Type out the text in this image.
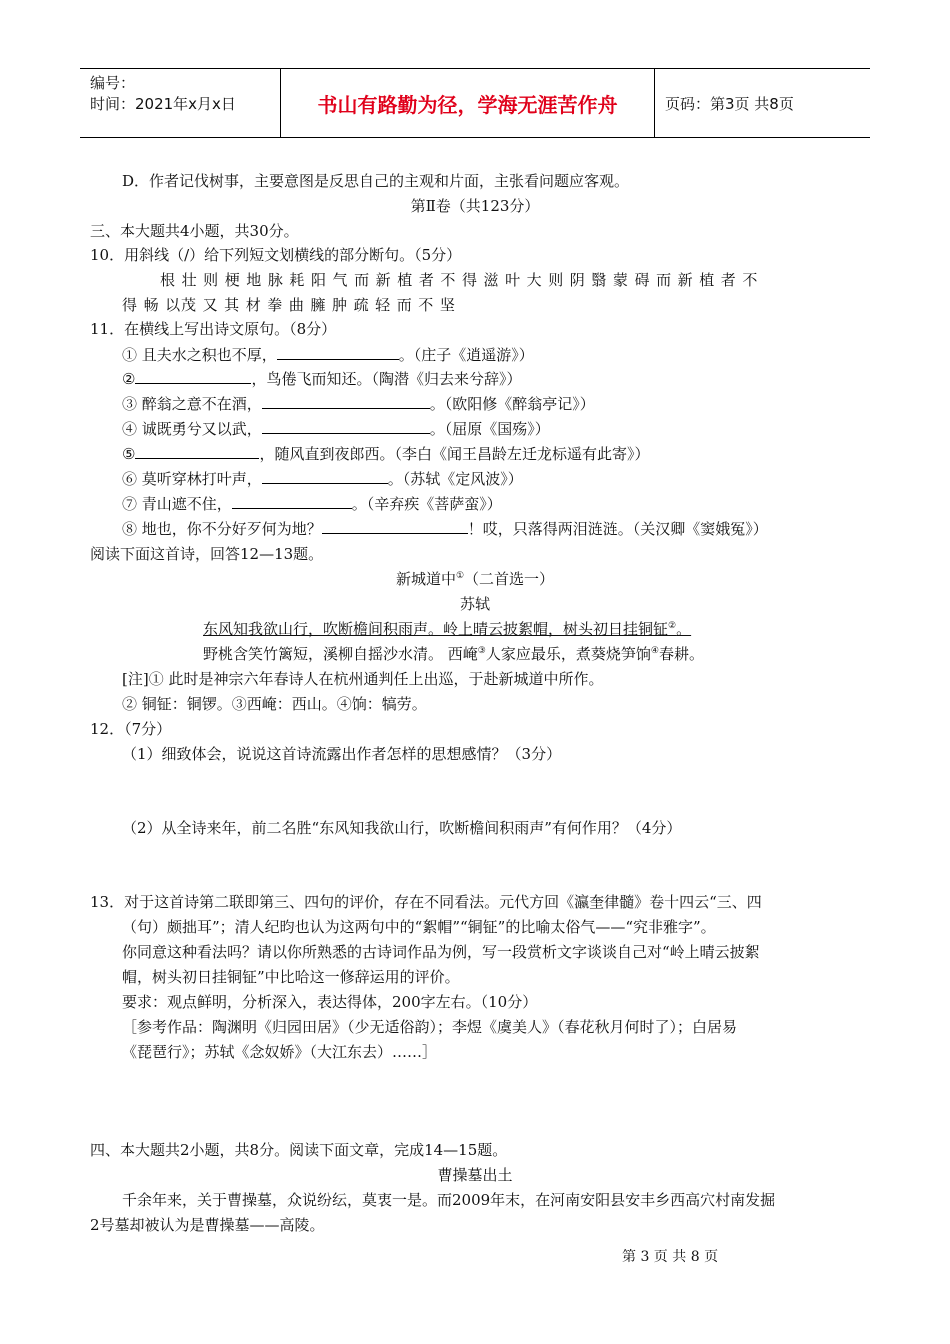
编号：
时间：2021年x月x日	书山有路勤为径，学海无涯苦作舟	页码：第3页 共8页
D．作者记伐树事，主要意图是反思自己的主观和片面，主张看问题应客观。
第Ⅱ卷（共123分）
三、本大题共4小题，共30分。
10．用斜线（/）给下列短文划横线的部分断句。（5分）
根 壮 则 梗 地 脉 耗 阳 气 而 新 植 者 不 得 滋 叶 大 则 阴 翳 蒙 碍 而 新 植 者 不
得 畅 以茂 又 其 材 拳 曲 臃 肿 疏 轻 而 不 坚
11．在横线上写出诗文原句。（8分）
① 且夫水之积也不厚，	。（庄子《逍遥游》）
②	，鸟倦飞而知还。（陶潜《归去来兮辞》）
③ 醉翁之意不在酒，	。（欧阳修《醉翁亭记》）
④ 诚既勇兮又以武，	。（屈原《国殇》）
⑤	，随风直到夜郎西。（李白《闻王昌龄左迁龙标遥有此寄》）
⑥ 莫听穿林打叶声，	。（苏轼《定风波》）
⑦ 青山遮不住，	。（辛弃疾《菩萨蛮》）
⑧ 地也，你不分好歹何为地？	！哎，只落得两泪涟涟。（关汉卿《窦娥冤》）
阅读下面这首诗，回答12—13题。
新城道中①（二首选一）
苏轼
东风知我欲山行，吹断檐间积雨声。岭上晴云披絮帽，树头初日挂铜钲②。
野桃含笑竹篱短，溪柳自摇沙水清。 西崦③人家应最乐，煮葵烧笋饷④春耕。
[注]① 此时是神宗六年春诗人在杭州通判任上出巡，于赴新城道中所作。
② 铜钲：铜锣。③西崦：西山。④饷：犒劳。
12．（7分）
（1）细致体会，说说这首诗流露出作者怎样的思想感情？（3分）
（2）从全诗来年，前二名胜“东风知我欲山行，吹断檐间积雨声”有何作用？（4分）
13．对于这首诗第二联即第三、四句的评价，存在不同看法。元代方回《瀛奎律髓》卷十四云“三、四
（句）颇拙耳”；清人纪昀也认为这两句中的“絮帽”“铜钲”的比喻太俗气——“究非雅字”。
你同意这种看法吗？请以你所熟悉的古诗词作品为例，写一段赏析文字谈谈自己对“岭上晴云披絮
帽，树头初日挂铜钲”中比哈这一修辞运用的评价。
要求：观点鲜明，分析深入，表达得体，200字左右。（10分）
［参考作品：陶渊明《归园田居》（少无适俗韵）；李煜《虞美人》（春花秋月何时了）；白居易
《琵琶行》；苏轼《念奴娇》（大江东去）……］
四、本大题共2小题，共8分。阅读下面文章，完成14—15题。
曹操墓出土
千余年来，关于曹操墓，众说纷纭，莫衷一是。而2009年末，在河南安阳县安丰乡西高穴村南发掘
2号墓却被认为是曹操墓——高陵。
第 3 页 共 8 页
